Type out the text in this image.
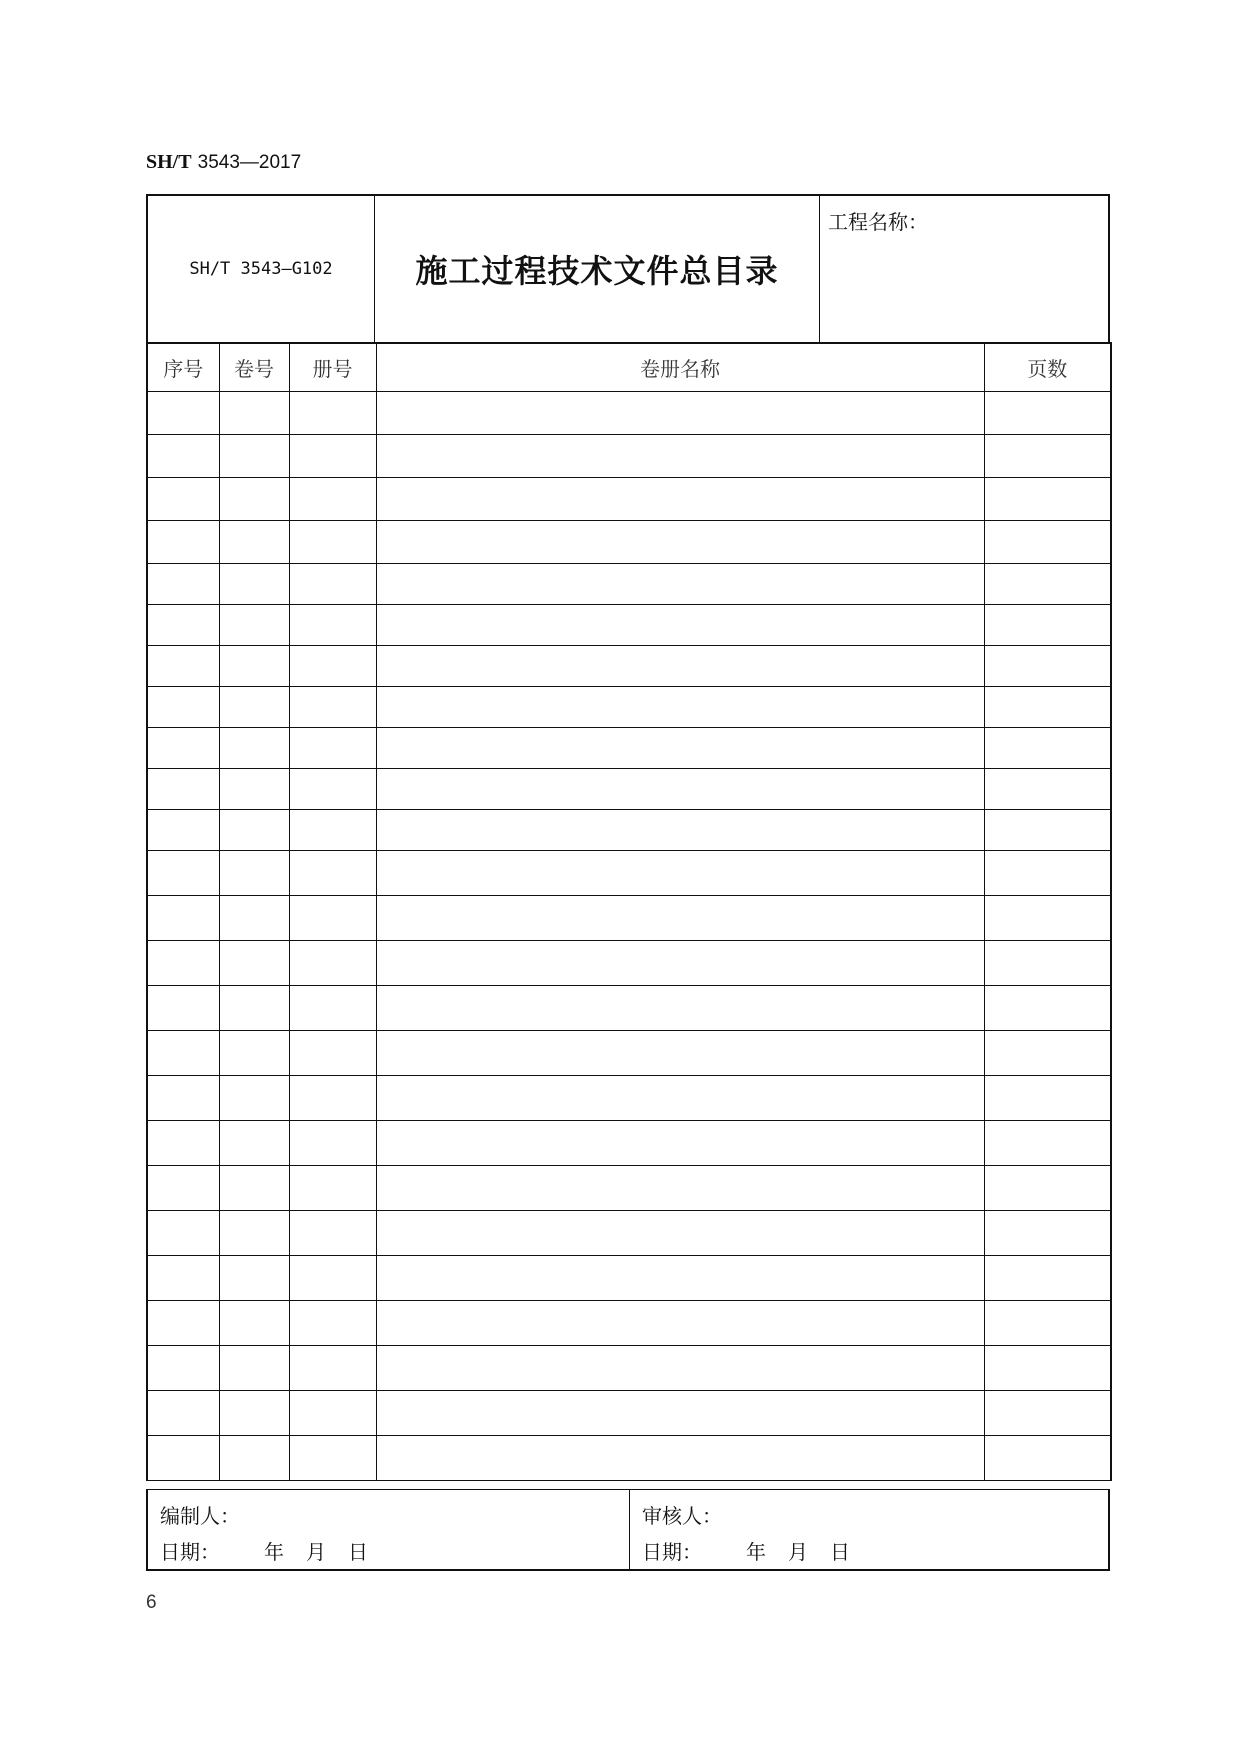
SH/T 3543—2017
SH/T 3543—G102	施工过程技术文件总目录
工程名称：
序号	卷号	册号	卷册名称	页数

编制人：
日期： 年 月 日
审核人：
日期： 年 月 日
6
